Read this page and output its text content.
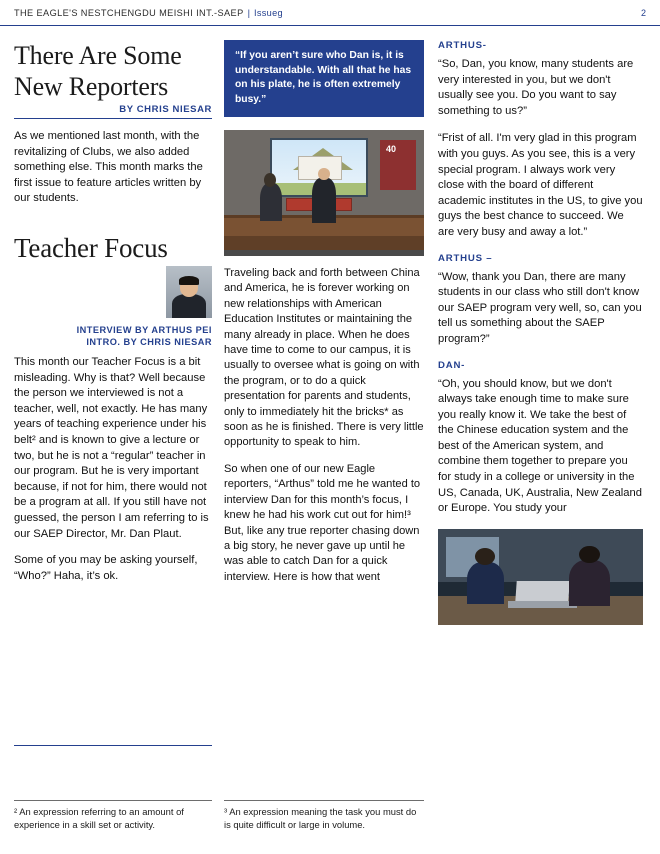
THE EAGLE'S NESTCHENGDU MEISHI INT.-SAEP | Issueg	2
There Are Some New Reporters
BY CHRIS NIESAR

As we mentioned last month, with the revitalizing of Clubs, we also added something else. This month marks the first issue to feature articles written by our students.

Teacher Focus
INTERVIEW BY ARTHUS PEI
INTRO. BY CHRIS NIESAR

This month our Teacher Focus is a bit misleading. Why is that? Well because the person we interviewed is not a teacher, well, not exactly. He has many years of teaching experience under his belt² and is known to give a lecture or two, but he is not a “regular” teacher in our program. But he is very important because, if not for him, there would not be a program at all. If you still have not guessed, the person I am referring to is our SAEP Director, Mr. Dan Plaut.

Some of you may be asking yourself, “Who?” Haha, it’s ok.

“If you aren’t sure who Dan is, it is understandable. With all that he has on his plate, he is often extremely busy.”
40

Traveling back and forth between China and America, he is forever working on new relationships with American Education Institutes or maintaining the many already in place. When he does have time to come to our campus, it is usually to oversee what is going on with the program, or to do a quick presentation for parents and students, only to immediately hit the bricks* as soon as he is finished. There is very little opportunity to speak to him.

So when one of our new Eagle reporters, “Arthus” told me he wanted to interview Dan for this month’s focus, I knew he had his work cut out for him!³ But, like any true reporter chasing down a big story, he never gave up until he was able to catch Dan for a quick interview. Here is how that went

ARTHUS-

“So, Dan, you know, many students are very interested in you, but we don't usually see you. Do you want to say something to us?”

“Frist of all. I'm very glad in this program with you guys. As you see, this is a very special program. I always work very close with the board of different academic institutes in the US, to give you guys the best chance to succeed. We are very busy and away a lot.”

ARTHUS –

“Wow, thank you Dan, there are many students in our class who still don't know our SAEP program very well, so, can you tell us something about the SAEP program?”

DAN-

“Oh, you should know, but we don't always take enough time to make sure you really know it. We take the best of the Chinese education system and the best of the American system, and combine them together to prepare you for study in a college or university in the US, Canada, UK, Australia, New Zealand or Europe. You study your

² An expression referring to an amount of experience in a skill set or activity.
³ An expression meaning the task you must do is quite difficult or large in volume.
